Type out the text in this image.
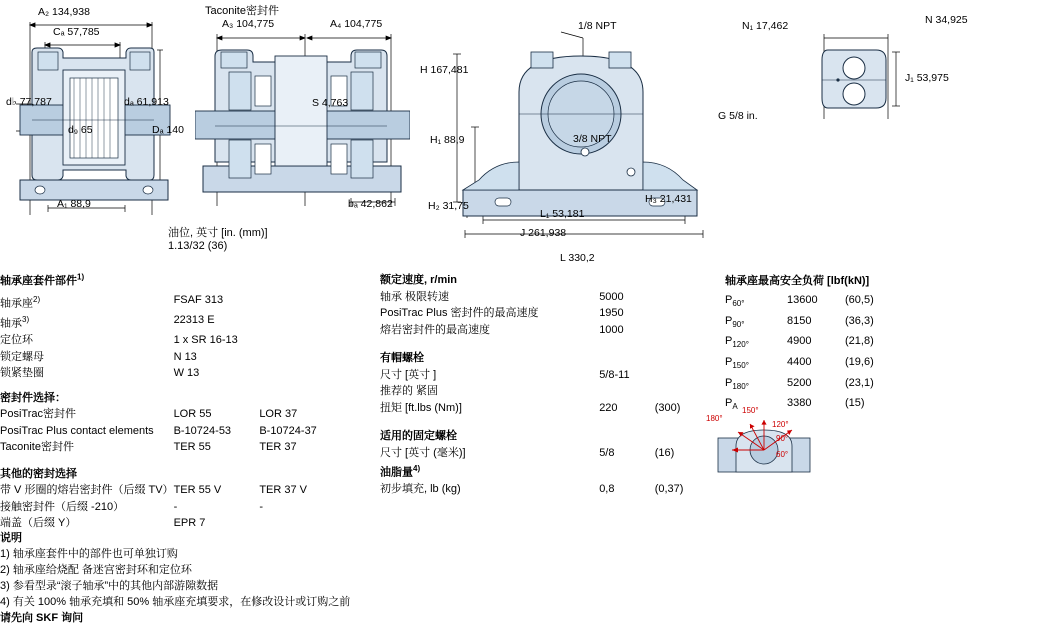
A₂ 134,938
Cₐ 57,785
d♭ 77,787	dₐ 61,913
d₉ 65	Dₐ 140
A₁ 88,9
Taconite密封件
A₃ 104,775	A₄ 104,775
S 4,763
bₐ 42,862
油位, 英寸 [in. (mm)]
1.13/32 (36)
1/8 NPT
H 167,481
H₁ 88,9	3/8 NPT
H₂ 31,75
H₃ 21,431
L₁ 53,181
J 261,938
L 330,2
N₁ 17,462	N 34,925
J₁ 53,975
G 5/8 in.
轴承座套件部件$^{1)}$
轴承座$^{2)}$	FSAF 313	
轴承$^{3)}$	22313 E	
定位环	1 x SR 16-13	
锁定螺母	N 13	
锁紧垫圈	W 13	

密封件选择：		
PosiTrac密封件	LOR 55	LOR 37
PosiTrac Plus contact elements	B-10724-53	B-10724-37
Taconite密封件	TER 55	TER 37

其他的密封选择		
带 V 形圈的熔岩密封件（后缀 TV）	TER 55 V	TER 37 V
接触密封件（后缀 -210）	-	-
端盖（后缀 Y）	EPR 7	
额定速度, r/min		
轴承 极限转速	5000	
PosiTrac Plus 密封件的最高速度	1950	
熔岩密封件的最高速度	1000	

有帽螺栓		
尺寸 [英寸 ]	5/8-11	
推荐的 紧固		
扭矩 [ft.lbs (Nm)]	220	(300)

适用的固定螺栓		
尺寸 [英寸 (毫米)]	5/8	(16)
油脂量$^{4)}$		
初步填充, lb (kg)	0,8	(0,37)
轴承座最高安全负荷 [lbf(kN)]
$P_{60^\circ}$	13600	(60,5)
$P_{90^\circ}$	8150	(36,3)
$P_{120^\circ}$	4900	(21,8)
$P_{150^\circ}$	4400	(19,6)
$P_{180^\circ}$	5200	(23,1)
$P_A$	3380	(15)
180°
150°
120°
90°
60°
说明
1) 轴承座套件中的部件也可单独订购
2) 轴承座给烧配 备迷宫密封环和定位环
3) 参看型录“滚子轴承”中的其他内部游隙数据
4) 有关 100% 轴承充填和 50% 轴承座充填要求，在修改设计或订购之前
请先向 SKF 询问
